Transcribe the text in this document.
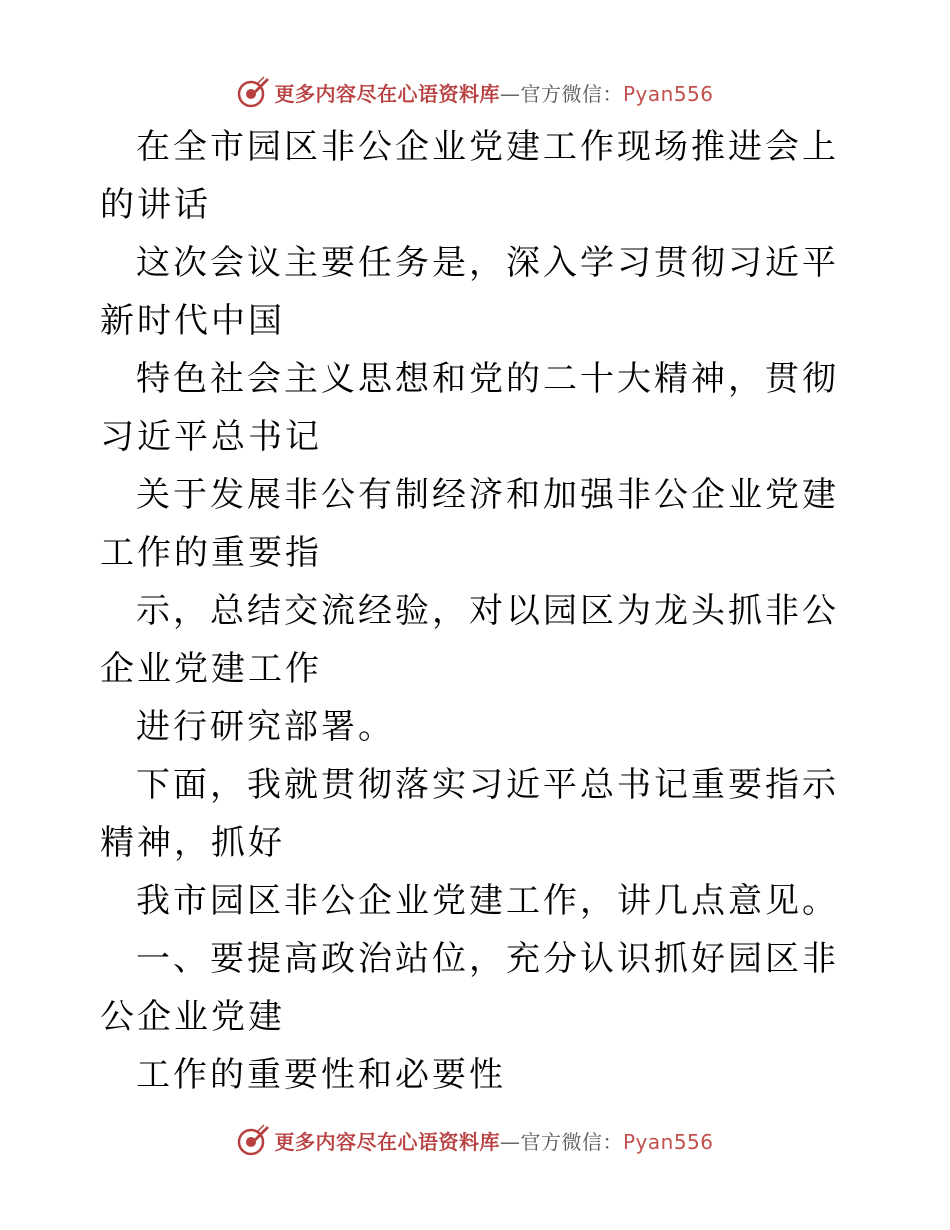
更多内容尽在心语资料库—官方微信：Pyan556

在全市园区非公企业党建工作现场推进会上的讲话

这次会议主要任务是，深入学习贯彻习近平新时代中国

特色社会主义思想和党的二十大精神，贯彻习近平总书记

关于发展非公有制经济和加强非公企业党建工作的重要指

示，总结交流经验，对以园区为龙头抓非公企业党建工作

进行研究部署。

下面，我就贯彻落实习近平总书记重要指示精神，抓好

我市园区非公企业党建工作，讲几点意见。

一、要提高政治站位，充分认识抓好园区非公企业党建

工作的重要性和必要性

更多内容尽在心语资料库—官方微信：Pyan556
